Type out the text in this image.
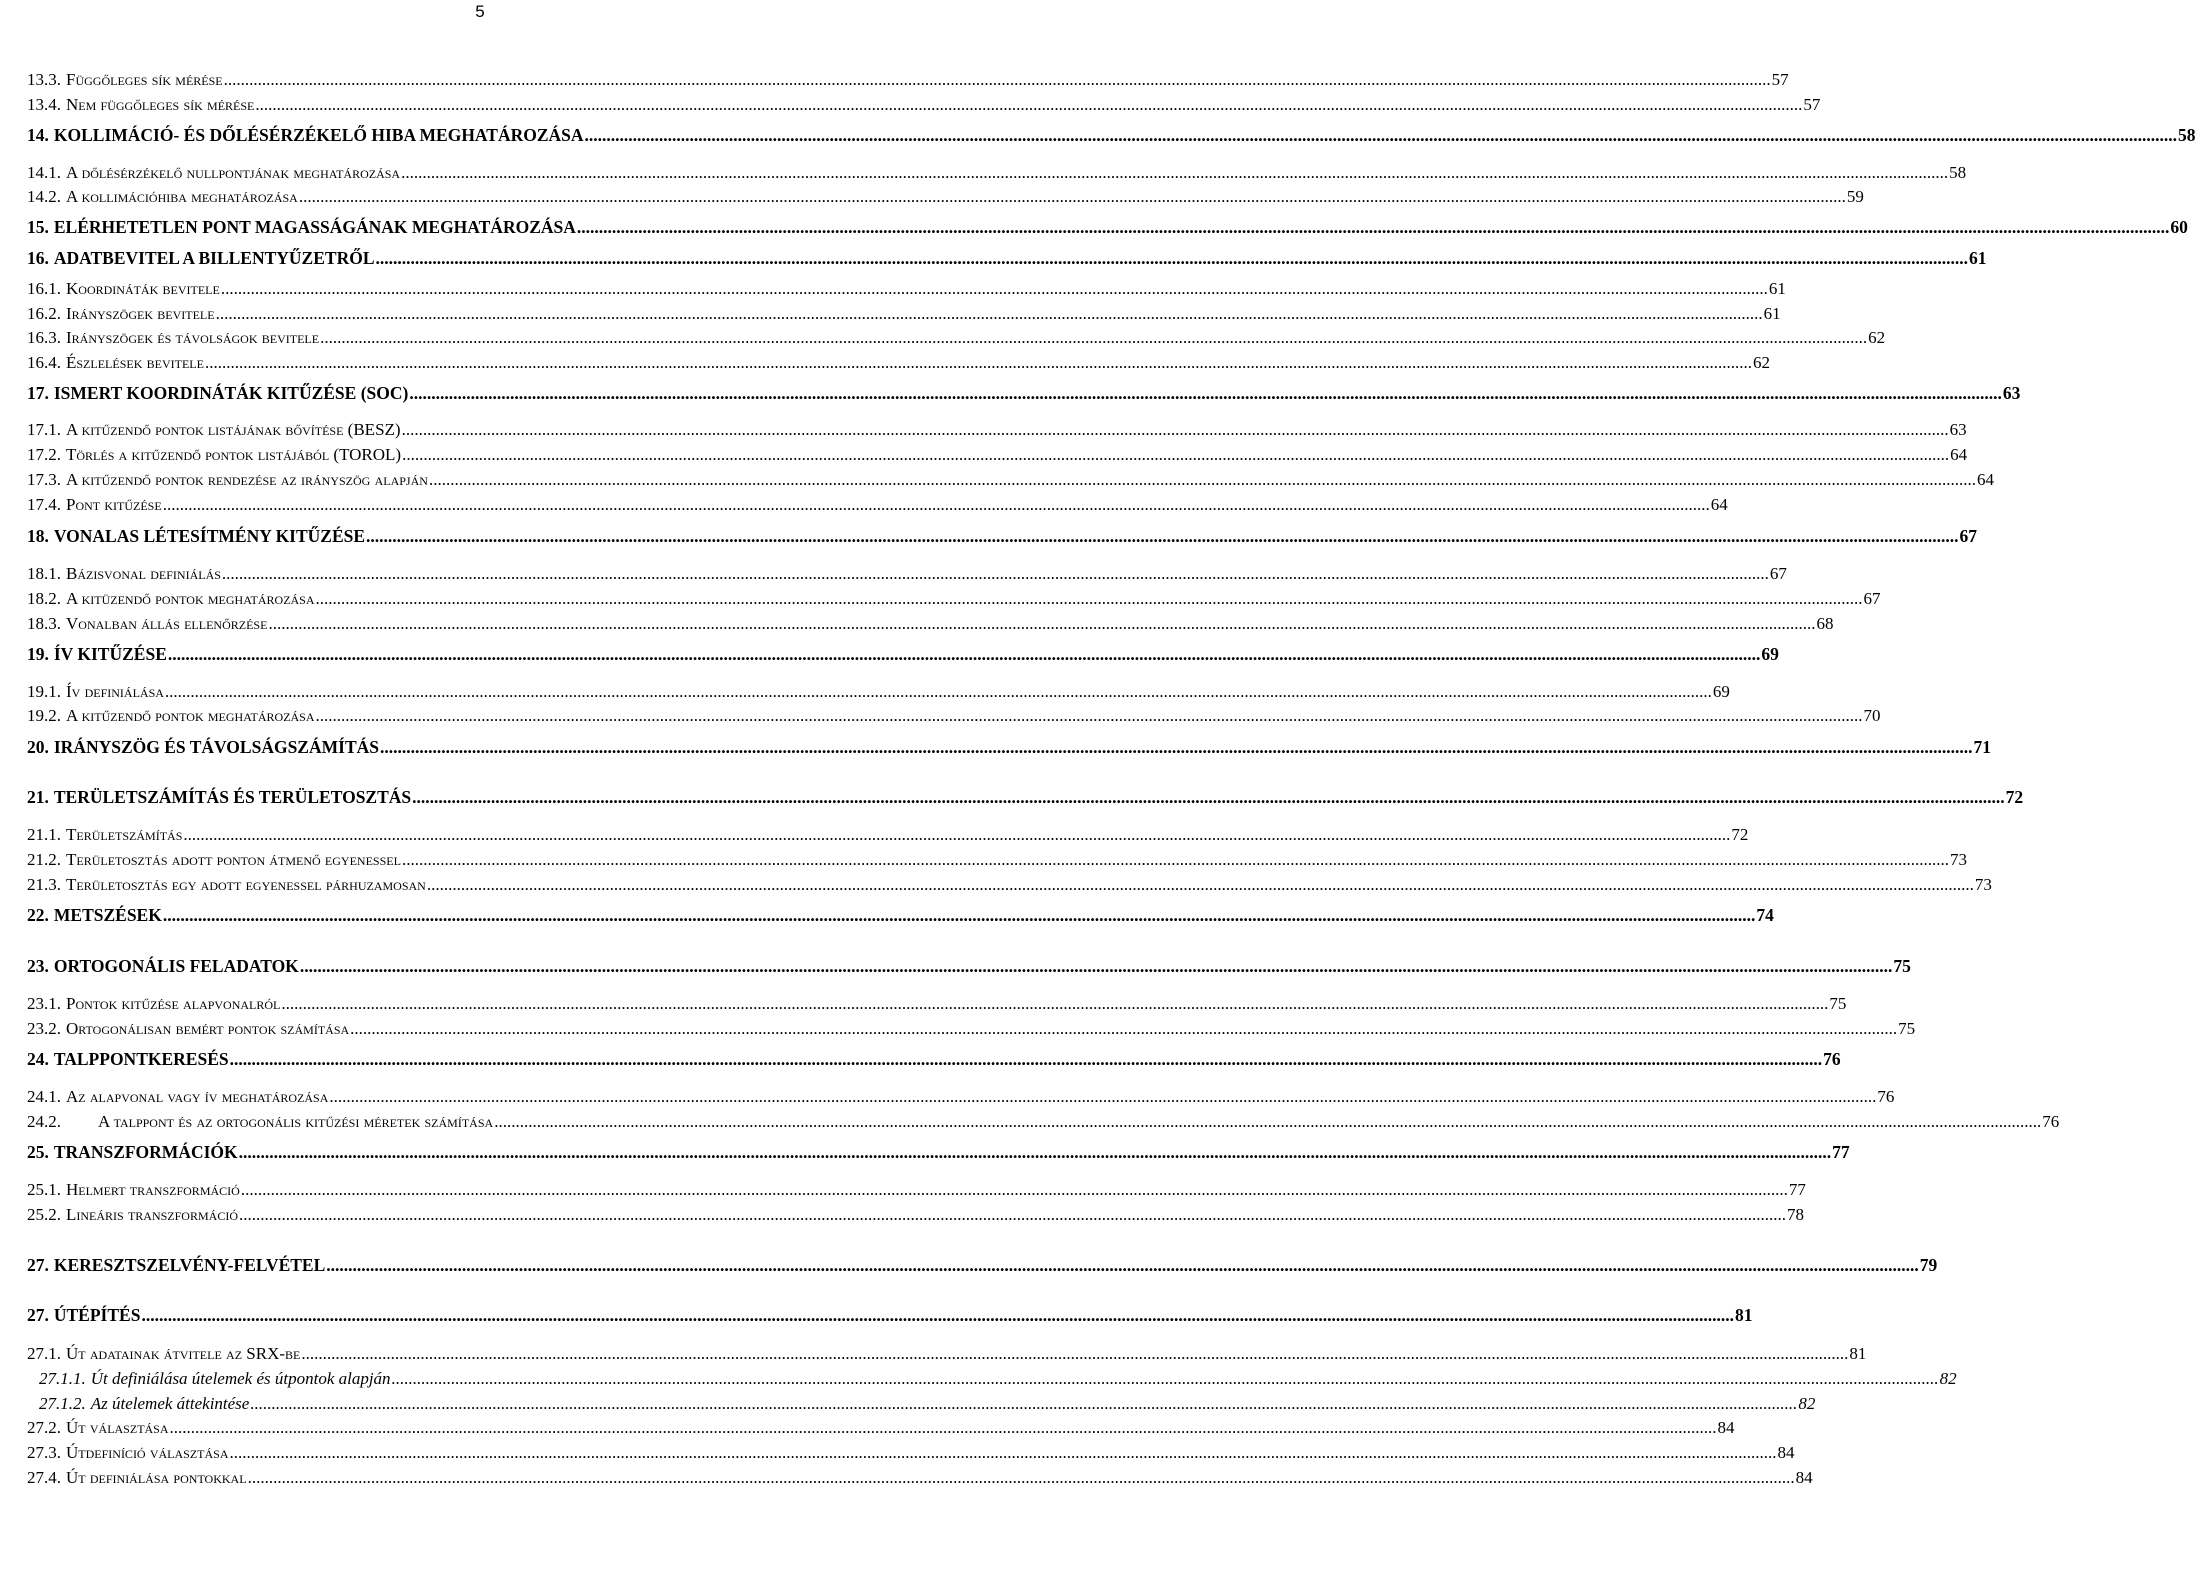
5
13.3. Függőleges sík mérése .....	57
13.4. Nem függőleges sík mérése .....	57
14. KOLLIMÁCIÓ- ÉS DŐLÉSÉRZÉKELŐ HIBA MEGHATÁROZÁSA .....	58
14.1. A dőlésérzékelő nullpontjának meghatározása .....	58
14.2. A kollimációhiba meghatározása .....	59
15. ELÉRHETETLEN PONT MAGASSÁGÁNAK MEGHATÁROZÁSA .....	60
16. ADATBEVITEL A BILLENTYŰZETRŐL .....	61
16.1. Koordináták bevitele .....	61
16.2. Irányszögek bevitele .....	61
16.3. Irányszögek és távolságok bevitele .....	62
16.4. Észlelések bevitele .....	62
17. ISMERT KOORDINÁTÁK KITŰZÉSE (SOC) .....	63
17.1. A kitűzendő pontok listájának bővítése (BESZ) .....	63
17.2. Törlés a kitűzendő pontok listájából (TOROL) .....	64
17.3. A kitűzendő pontok rendezése az irányszög alapján .....	64
17.4. Pont kitűzése .....	64
18. VONALAS LÉTESÍTMÉNY KITŰZÉSE .....	67
18.1. Bázisvonal definiálás .....	67
18.2. A kitüzendő pontok meghatározása .....	67
18.3. Vonalban állás ellenőrzése .....	68
19. ÍV KITŰZÉSE .....	69
19.1. Ív definiálása .....	69
19.2. A kitűzendő pontok meghatározása .....	70
20. IRÁNYSZÖG ÉS TÁVOLSÁGSZÁMÍTÁS .....	71
21. TERÜLETSZÁMÍTÁS ÉS TERÜLETOSZTÁS .....	72
21.1. Területszámítás .....	72
21.2. Területosztás adott ponton átmenő egyenessel .....	73
21.3. Területosztás egy adott egyenessel párhuzamosan .....	73
22. METSZÉSEK .....	74
23. ORTOGONÁLIS FELADATOK .....	75
23.1. Pontok kitűzése alapvonalról .....	75
23.2. Ortogonálisan bemért pontok számítása .....	75
24. TALPPONTKERESÉS .....	76
24.1. Az alapvonal vagy ív meghatározása .....	76
24.2. A talppont és az ortogonális kitűzési méretek számítása .....	76
25. TRANSZFORMÁCIÓK .....	77
25.1. Helmert transzformáció .....	77
25.2. Lineáris transzformáció .....	78
27. KERESZTSZELVÉNY-FELVÉTEL .....	79
27. ÚTÉPÍTÉS .....	81
27.1. Út adatainak átvitele az SRX-be .....	81
27.1.1. Út definiálása útelemek és útpontok alapján .....	82
27.1.2. Az útelemek áttekintése .....	82
27.2. Út választása .....	84
27.3. Útdefiníció választása .....	84
27.4. Út definiálása pontokkal .....	84
